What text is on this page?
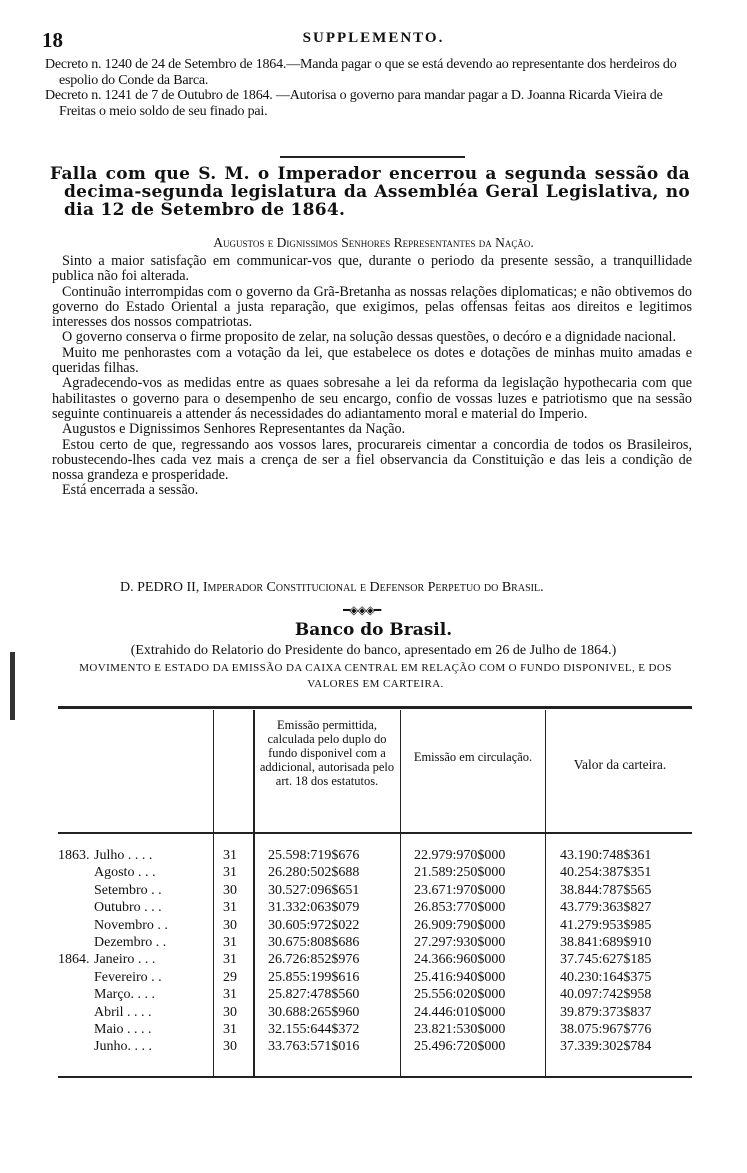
18	SUPPLEMENTO.

Decreto n. 1240 de 24 de Setembro de 1864.—Manda pagar o que se está devendo ao representante dos herdeiros do espolio do Conde da Barca.

Decreto n. 1241 de 7 de Outubro de 1864. —Autorisa o governo para mandar pagar a D. Joanna Ricarda Vieira de Freitas o meio soldo de seu finado pai.

Falla com que S. M. o Imperador encerrou a segunda sessão da decima-segunda legislatura da Assembléa Geral Legislativa, no dia 12 de Setembro de 1864.

Augustos e Dignissimos Senhores Representantes da Nação.

Sinto a maior satisfação em communicar-vos que, durante o periodo da presente sessão, a tranquillidade publica não foi alterada.

Continuão interrompidas com o governo da Grã-Bretanha as nossas relações diplomaticas; e não obtivemos do governo do Estado Oriental a justa reparação, que exigimos, pelas offensas feitas aos direitos e legitimos interesses dos nossos compatriotas.

O governo conserva o firme proposito de zelar, na solução dessas questões, o decóro e a dignidade nacional.

Muito me penhorastes com a votação da lei, que estabelece os dotes e dotações de minhas muito amadas e queridas filhas.

Agradecendo-vos as medidas entre as quaes sobresahe a lei da reforma da legislação hypothecaria com que habilitastes o governo para o desempenho de seu encargo, confio de vossas luzes e patriotismo que na sessão seguinte continuareis a attender ás necessidades do adiantamento moral e material do Imperio.

Augustos e Dignissimos Senhores Representantes da Nação.

Estou certo de que, regressando aos vossos lares, procurareis cimentar a concordia de todos os Brasileiros, robustecendo-lhes cada vez mais a crença de ser a fiel observancia da Constituição e das leis a condição de nossa grandeza e prosperidade.

Está encerrada a sessão.

D. PEDRO II, Imperador Constitucional e Defensor Perpetuo do Brasil.
━◈◈◈━
Banco do Brasil.
(Extrahido do Relatorio do Presidente do banco, apresentado em 26 de Julho de 1864.)
MOVIMENTO E ESTADO DA EMISSÃO DA CAIXA CENTRAL EM RELAÇÃO COM O FUNDO DISPONIVEL, E DOS VALORES EM CARTEIRA.
Emissão permittida, calculada pelo duplo do fundo disponivel com a addicional, autorisada pelo art. 18 dos estatutos.
Emissão em circulação.	Valor da carteira.
1863. Julho . . . .	31 25.598:719$676	22.979:970$000	43.190:748$361
Agosto . . .	31 26.280:502$688	21.589:250$000	40.254:387$351
Setembro . .	30 30.527:096$651	23.671:970$000	38.844:787$565
Outubro . . .	31 31.332:063$079	26.853:770$000	43.779:363$827
Novembro . .	30 30.605:972$022	26.909:790$000	41.279:953$985
Dezembro . .	31 30.675:808$686	27.297:930$000	38.841:689$910
1864. Janeiro . . .	31 26.726:852$976	24.366:960$000	37.745:627$185
Fevereiro . .	29 25.855:199$616	25.416:940$000	40.230:164$375
Março. . . .	31 25.827:478$560	25.556:020$000	40.097:742$958
Abril . . . .	30 30.688:265$960	24.446:010$000	39.879:373$837
Maio . . . .	31 32.155:644$372	23.821:530$000	38.075:967$776
Junho. . . .	30 33.763:571$016	25.496:720$000	37.339:302$784
